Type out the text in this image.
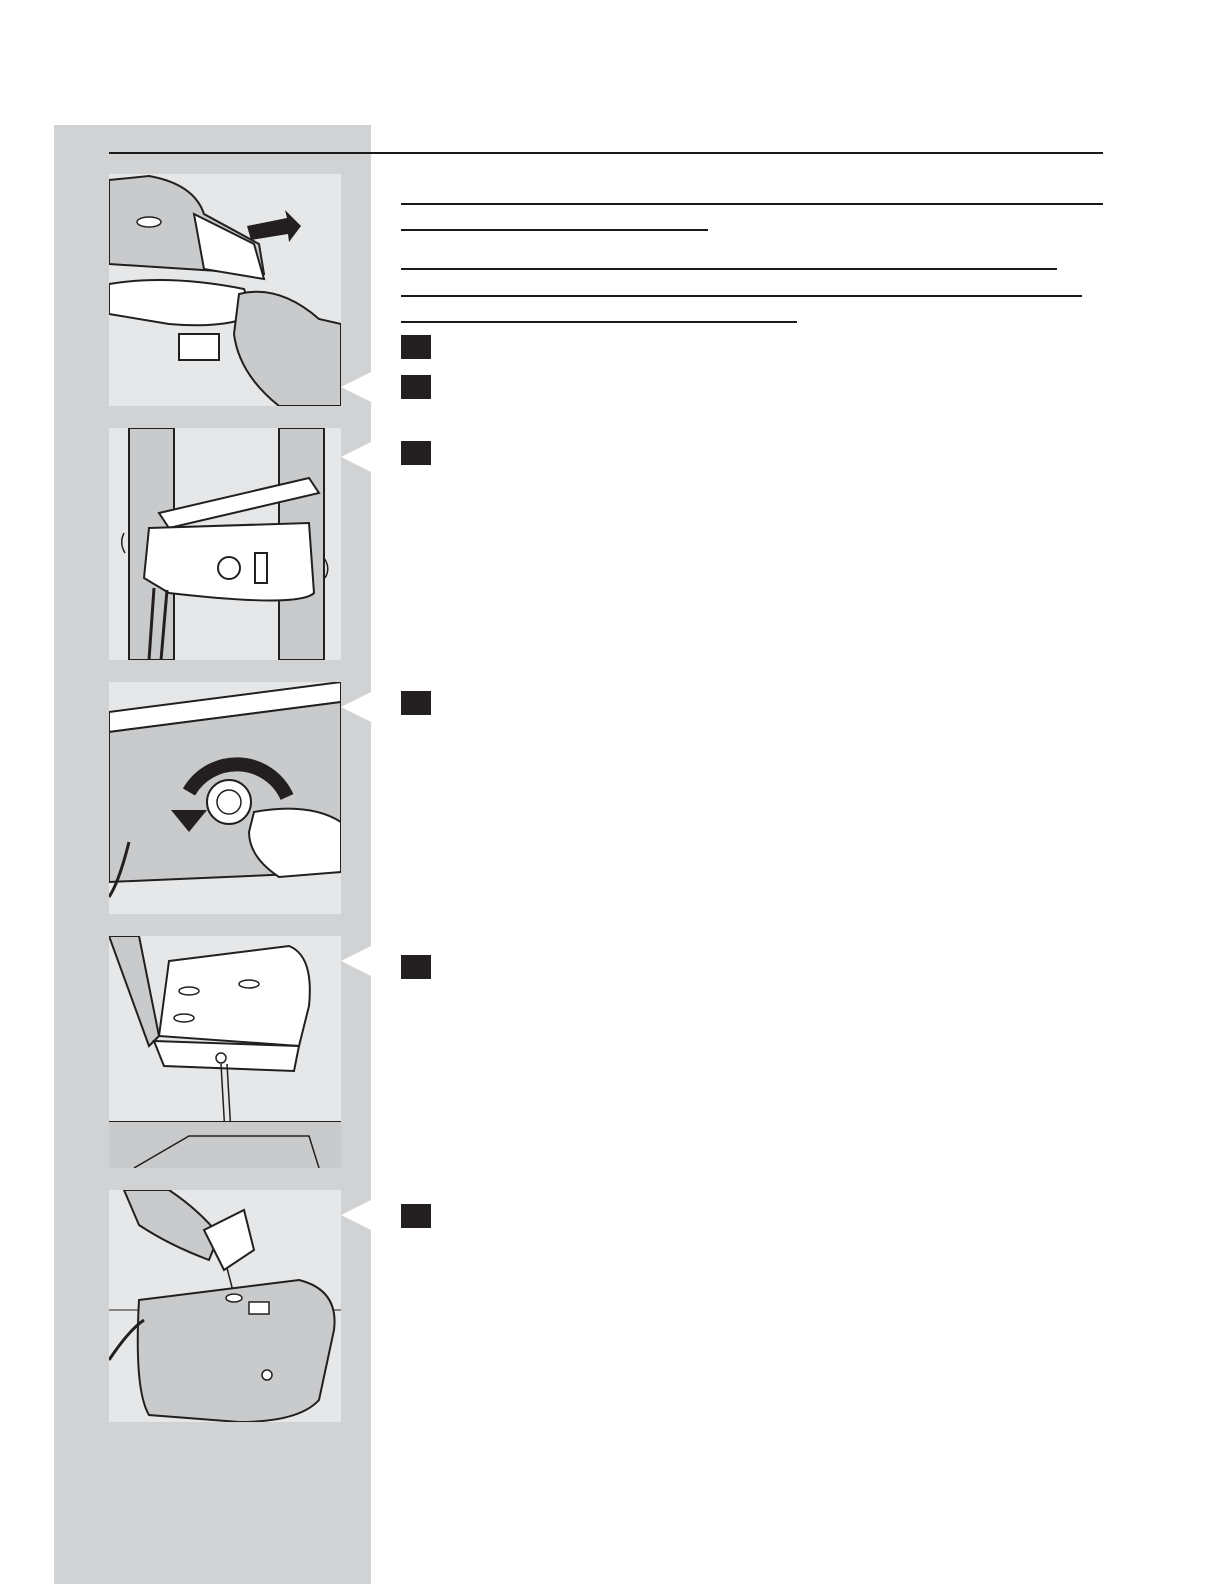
1
2
3
4
5
6
